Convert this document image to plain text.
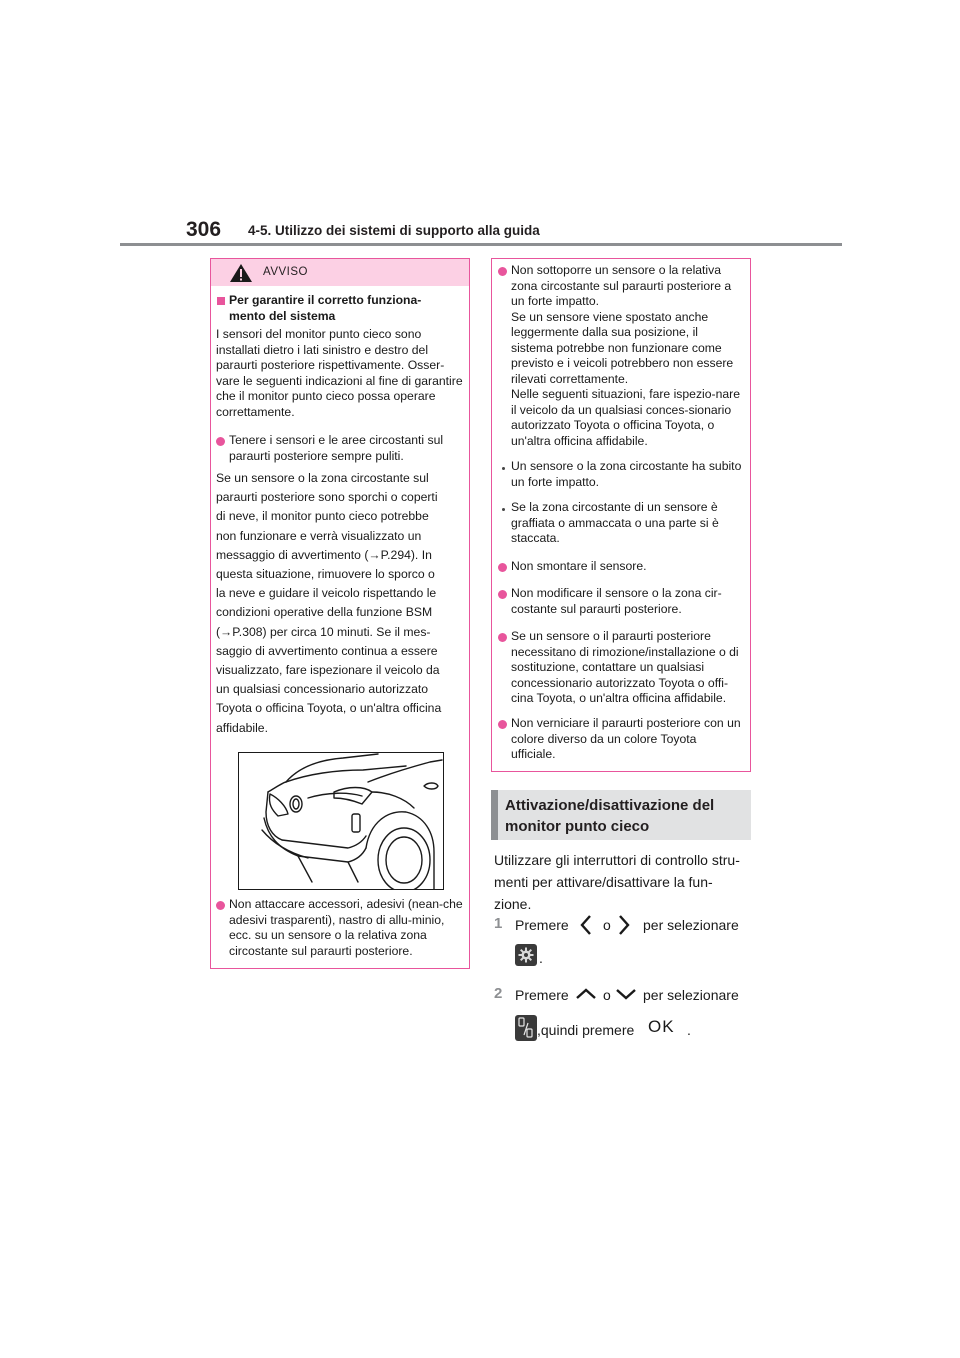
306 4-5. Utilizzo dei sistemi di supporto alla guida
AVVISO
Per garantire il corretto funziona-
mento del sistema
I sensori del monitor punto cieco sono installati dietro i lati sinistro e destro del paraurti posteriore rispettivamente. Osser-vare le seguenti indicazioni al fine di garantire che il monitor punto cieco possa operare correttamente.
Tenere i sensori e le aree circostanti sul paraurti posteriore sempre puliti.
Se un sensore o la zona circostante sul
paraurti posteriore sono sporchi o coperti
di neve, il monitor punto cieco potrebbe
non funzionare e verrà visualizzato un
messaggio di avvertimento (→P.294). In
questa situazione, rimuovere lo sporco o
la neve e guidare il veicolo rispettando le
condizioni operative della funzione BSM
(→P.308) per circa 10 minuti. Se il mes-
saggio di avvertimento continua a essere
visualizzato, fare ispezionare il veicolo da
un qualsiasi concessionario autorizzato
Toyota o officina Toyota, o un'altra officina
affidabile.
Non attaccare accessori, adesivi (nean-che adesivi trasparenti), nastro di allu-minio, ecc. su un sensore o la relativa zona circostante sul paraurti posteriore.
Non sottoporre un sensore o la relativa zona circostante sul paraurti posteriore a un forte impatto.
Se un sensore viene spostato anche leggermente dalla sua posizione, il sistema potrebbe non funzionare come previsto e i veicoli potrebbero non essere rilevati correttamente.
Nelle seguenti situazioni, fare ispezio-nare il veicolo da un qualsiasi conces-sionario autorizzato Toyota o officina Toyota, o un'altra officina affidabile.
Un sensore o la zona circostante ha subito un forte impatto.
Se la zona circostante di un sensore è graffiata o ammaccata o una parte si è staccata.
Non smontare il sensore.
Non modificare il sensore o la zona cir-costante sul paraurti posteriore.
Se un sensore o il paraurti posteriore necessitano di rimozione/installazione o di sostituzione, contattare un qualsiasi concessionario autorizzato Toyota o offi-cina Toyota, o un'altra officina affidabile.
Non verniciare il paraurti posteriore con un colore diverso da un colore Toyota ufficiale.
Attivazione/disattivazione del monitor punto cieco
Utilizzare gli interruttori di controllo stru-
menti per attivare/disattivare la fun-
zione.
1 Premere o per selezionare
.
2 Premere o per selezionare
,quindi premere OK .
